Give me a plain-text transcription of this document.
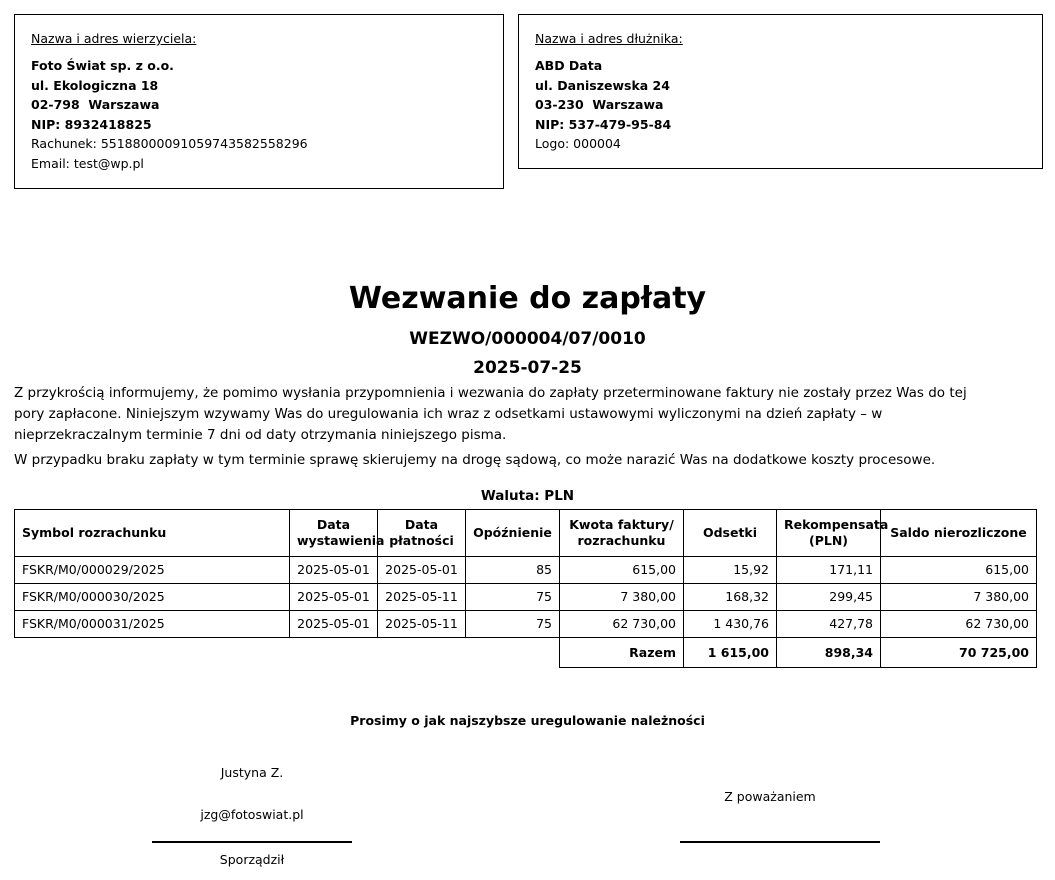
Nazwa i adres wierzyciela:
Foto Świat sp. z o.o.
ul. Ekologiczna 18
02-798  Warszawa
NIP: 8932418825
Rachunek: 55188000091059743582558296
Email: test@wp.pl
Nazwa i adres dłużnika:
ABD Data
ul. Daniszewska 24
03-230  Warszawa
NIP: 537-479-95-84
Logo: 000004
Wezwanie do zapłaty
WEZWO/000004/07/0010
2025-07-25
Z przykrością informujemy, że pomimo wysłania przypomnienia i wezwania do zapłaty przeterminowane faktury nie zostały przez Was do tej
pory zapłacone. Niniejszym wzywamy Was do uregulowania ich wraz z odsetkami ustawowymi wyliczonymi na dzień zapłaty – w
nieprzekraczalnym terminie 7 dni od daty otrzymania niniejszego pisma.
W przypadku braku zapłaty w tym terminie sprawę skierujemy na drogę sądową, co może narazić Was na dodatkowe koszty procesowe.
Waluta: PLN
Symbol rozrachunku	Data wystawienia	Data płatności	Opóźnienie	Kwota faktury/ rozrachunku	Odsetki	Rekompensata (PLN)	Saldo nierozliczone
FSKR/M0/000029/2025	2025-05-01	2025-05-01	85	615,00	15,92	171,11	615,00
FSKR/M0/000030/2025	2025-05-01	2025-05-11	75	7 380,00	168,32	299,45	7 380,00
FSKR/M0/000031/2025	2025-05-01	2025-05-11	75	62 730,00	1 430,76	427,78	62 730,00
				Razem	1 615,00	898,34	70 725,00
Prosimy o jak najszybsze uregulowanie należności
Justyna Z.
jzg@fotoswiat.pl
Sporządził
Z poważaniem
